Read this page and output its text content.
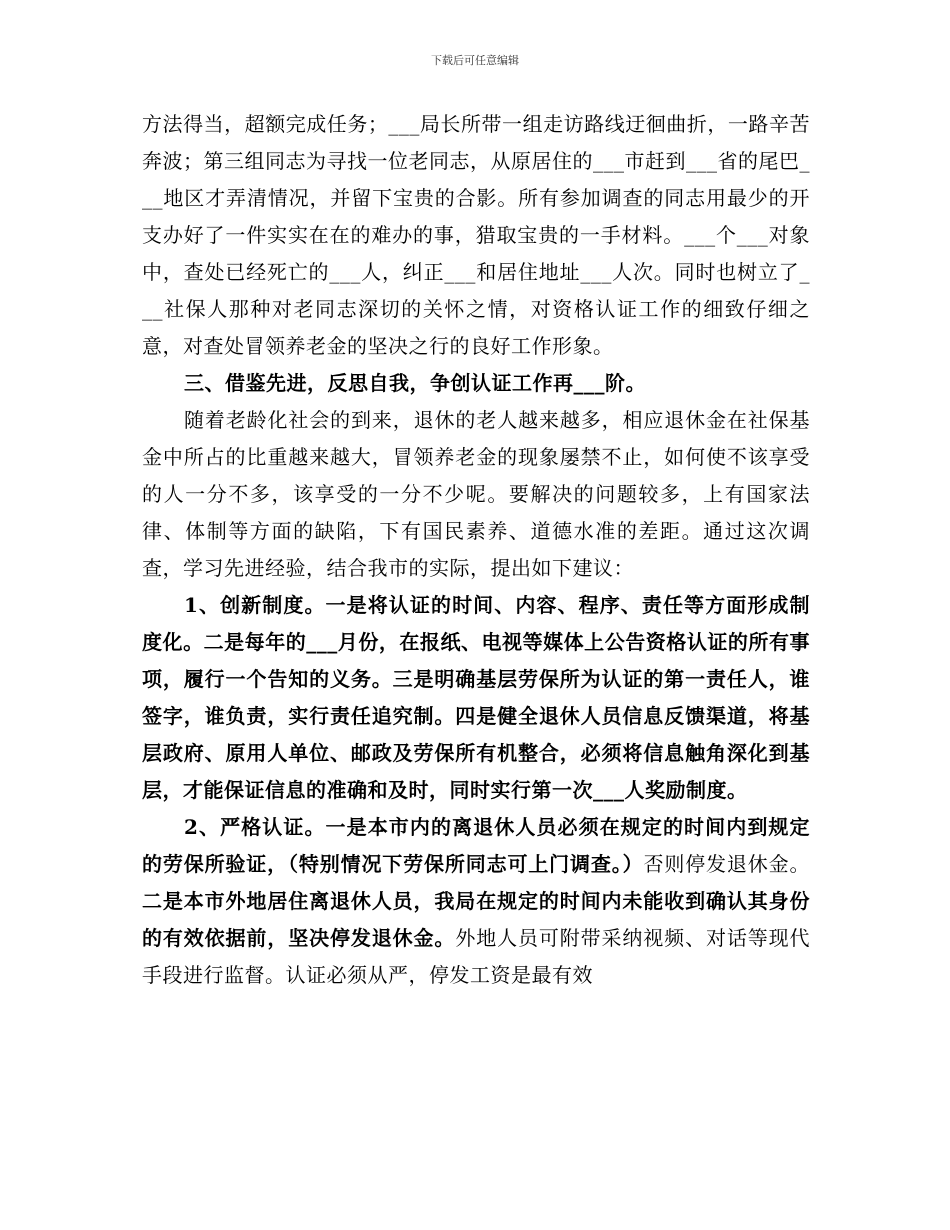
下载后可任意编辑

方法得当，超额完成任务；___局长所带一组走访路线迂徊曲折，一路辛苦奔波；第三组同志为寻找一位老同志，从原居住的___市赶到___省的尾巴___地区才弄清情况，并留下宝贵的合影。所有参加调查的同志用最少的开支办好了一件实实在在的难办的事，猎取宝贵的一手材料。___个___对象中，查处已经死亡的___人，纠正___和居住地址___人次。同时也树立了___社保人那种对老同志深切的关怀之情，对资格认证工作的细致仔细之意，对查处冒领养老金的坚决之行的良好工作形象。

三、借鉴先进，反思自我，争创认证工作再___阶。

随着老龄化社会的到来，退休的老人越来越多，相应退休金在社保基金中所占的比重越来越大，冒领养老金的现象屡禁不止，如何使不该享受的人一分不多，该享受的一分不少呢。要解决的问题较多，上有国家法律、体制等方面的缺陷，下有国民素养、道德水准的差距。通过这次调查，学习先进经验，结合我市的实际，提出如下建议：

1、创新制度。一是将认证的时间、内容、程序、责任等方面形成制度化。二是每年的___月份，在报纸、电视等媒体上公告资格认证的所有事项，履行一个告知的义务。三是明确基层劳保所为认证的第一责任人，谁签字，谁负责，实行责任追究制。四是健全退休人员信息反馈渠道，将基层政府、原用人单位、邮政及劳保所有机整合，必须将信息触角深化到基层，才能保证信息的准确和及时，同时实行第一次___人奖励制度。

2、严格认证。一是本市内的离退休人员必须在规定的时间内到规定的劳保所验证，（特别情况下劳保所同志可上门调查。）否则停发退休金。二是本市外地居住离退休人员，我局在规定的时间内未能收到确认其身份的有效依据前，坚决停发退休金。外地人员可附带采纳视频、对话等现代手段进行监督。认证必须从严，停发工资是最有效
